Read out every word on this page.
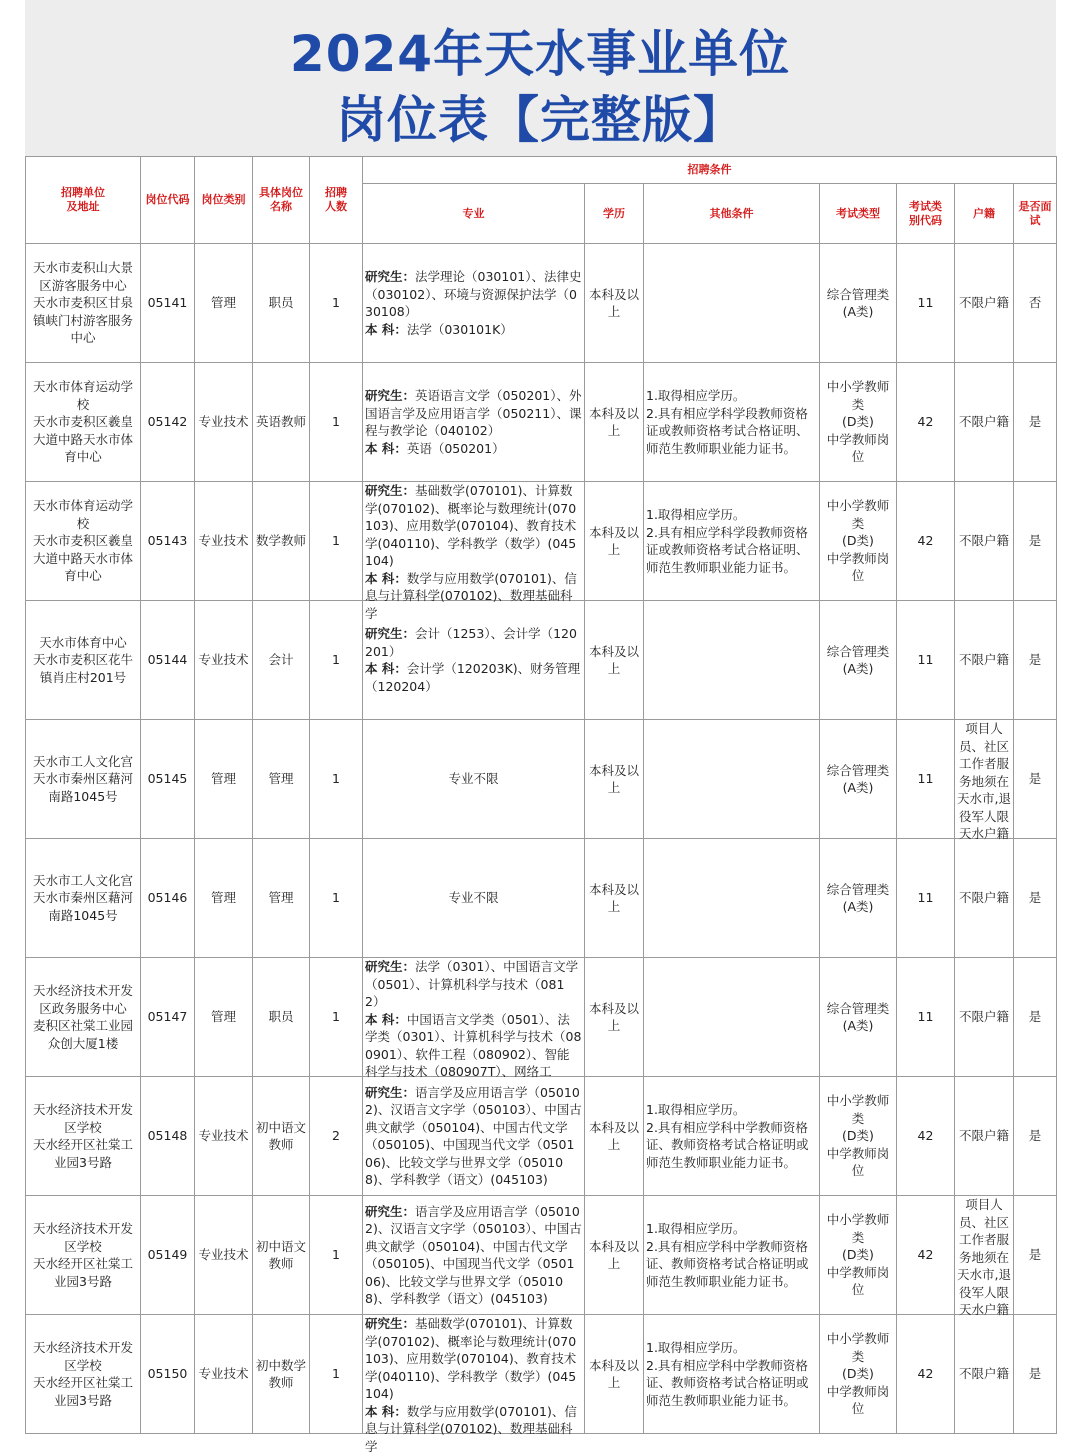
2024年天水事业单位
岗位表【完整版】
招聘单位
及地址	岗位代码	岗位类别	具体岗位
名称	招聘
人数	招聘条件						
					专业	学历	其他条件	考试类型	考试类
别代码	户籍	是否面
试

天水市麦积山大景区游客服务中心
天水市麦积区甘泉镇峡门村游客服务中心	05141	管理	职员	1	研究生：法学理论（030101）、法律史（030102）、环境与资源保护法学（030108）
本 科：法学（030101K）	本科及以上		综合管理类
(A类)	11	不限户籍	否

天水市体育运动学校
天水市麦积区羲皇大道中路天水市体育中心	05142	专业技术	英语教师	1	研究生：英语语言文学（050201）、外国语言学及应用语言学（050211）、课程与教学论（040102）
本 科：英语（050201）	本科及以上	1.取得相应学历。
2.具有相应学科学段教师资格证或教师资格考试合格证明、师范生教师职业能力证书。	中小学教师类
(D类)
中学教师岗位	42	不限户籍	是

天水市体育运动学校
天水市麦积区羲皇大道中路天水市体育中心	05143	专业技术	数学教师	1	研究生：基础数学(070101)、计算数学(070102)、概率论与数理统计(070103)、应用数学(070104)、教育技术学(040110)、学科教学（数学）(045104)
本 科：数学与应用数学(070101)、信息与计算科学(070102)、数理基础科学	本科及以上	1.取得相应学历。
2.具有相应学科学段教师资格证或教师资格考试合格证明、师范生教师职业能力证书。	中小学教师类
(D类)
中学教师岗位	42	不限户籍	是

天水市体育中心
天水市麦积区花牛镇肖庄村201号	05144	专业技术	会计	1	研究生：会计（1253）、会计学（120201）
本 科：会计学（120203K)、财务管理（120204）	本科及以上		综合管理类
(A类)	11	不限户籍	是

天水市工人文化宫
天水市秦州区藉河南路1045号	05145	管理	管理	1	专业不限	本科及以上		综合管理类
(A类)	11	项目人员、社区工作者服务地须在天水市,退役军人限天水户籍	是

天水市工人文化宫
天水市秦州区藉河南路1045号	05146	管理	管理	1	专业不限	本科及以上		综合管理类
(A类)	11	不限户籍	是

天水经济技术开发区政务服务中心
麦积区社棠工业园众创大厦1楼	05147	管理	职员	1	研究生：法学（0301）、中国语言文学（0501）、计算机科学与技术（0812）
本 科：中国语言文学类（0501）、法学类（0301）、计算机科学与技术（080901）、软件工程（080902）、智能科学与技术（080907T）、网络工	本科及以上		综合管理类
(A类)	11	不限户籍	是

天水经济技术开发区学校
天水经开区社棠工业园3号路	05148	专业技术	初中语文教师	2	研究生：语言学及应用语言学（050102)、汉语言文字学（050103）、中国古典文献学（050104)、中国古代文学（050105)、中国现当代文学（050106)、比较文学与世界文学（050108)、学科教学（语文）(045103)	本科及以上	1.取得相应学历。
2.具有相应学科中学教师资格证、教师资格考试合格证明或师范生教师职业能力证书。	中小学教师类
(D类)
中学教师岗位	42	不限户籍	是

天水经济技术开发区学校
天水经开区社棠工业园3号路	05149	专业技术	初中语文教师	1	研究生：语言学及应用语言学（050102)、汉语言文字学（050103）、中国古典文献学（050104)、中国古代文学（050105)、中国现当代文学（050106)、比较文学与世界文学（050108)、学科教学（语文）(045103)	本科及以上	1.取得相应学历。
2.具有相应学科中学教师资格证、教师资格考试合格证明或师范生教师职业能力证书。	中小学教师类
(D类)
中学教师岗位	42	项目人员、社区工作者服务地须在天水市,退役军人限天水户籍	是

天水经济技术开发区学校
天水经开区社棠工业园3号路	05150	专业技术	初中数学教师	1	研究生：基础数学(070101)、计算数学(070102)、概率论与数理统计(070103)、应用数学(070104)、教育技术学(040110)、学科教学（数学）(045104)
本 科：数学与应用数学(070101)、信息与计算科学(070102)、数理基础科学	本科及以上	1.取得相应学历。
2.具有相应学科中学教师资格证、教师资格考试合格证明或师范生教师职业能力证书。	中小学教师类
(D类)
中学教师岗位	42	不限户籍	是
